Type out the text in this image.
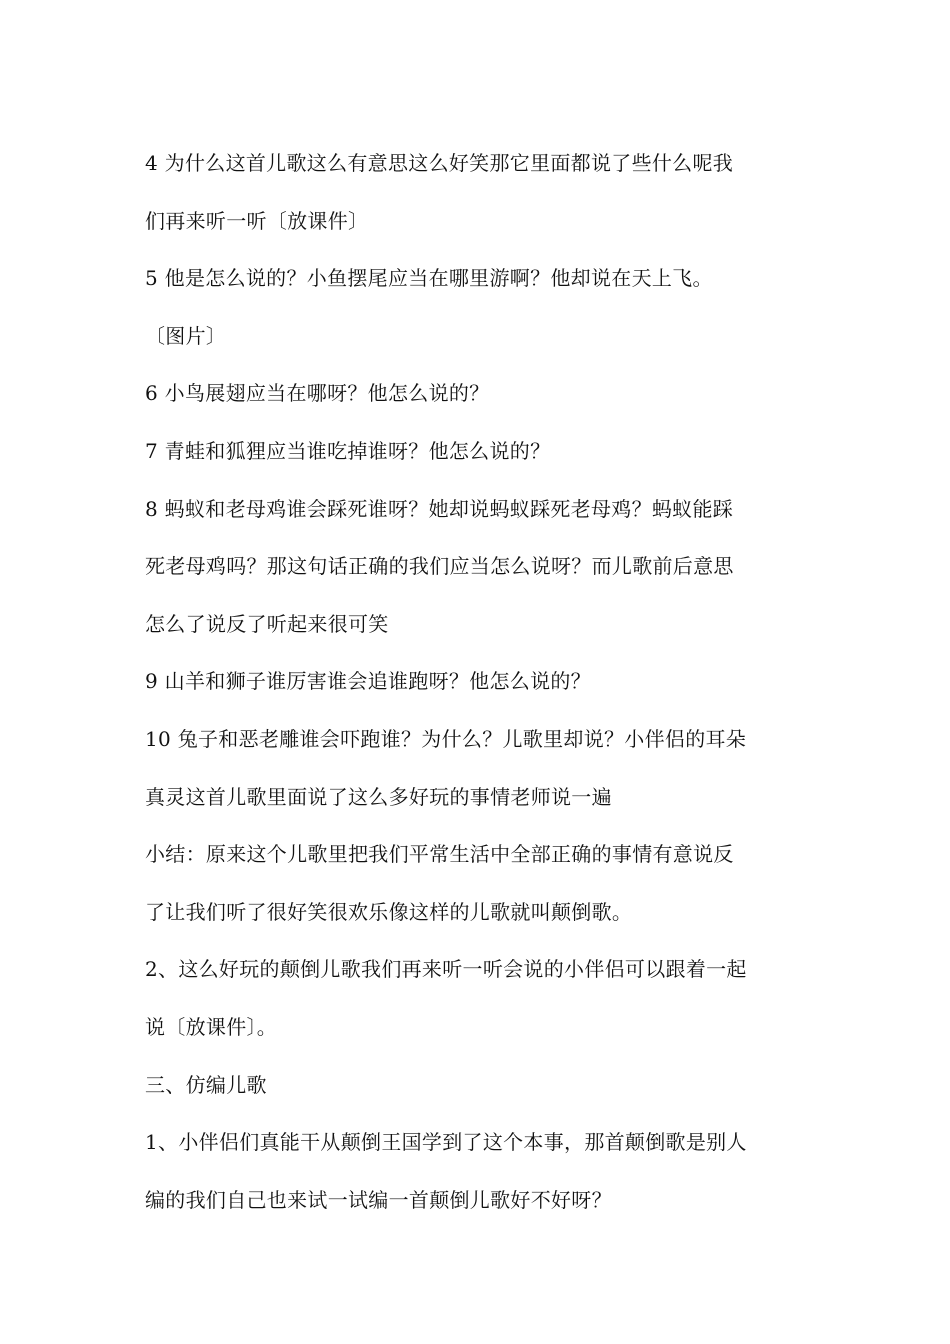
4 为什么这首儿歌这么有意思这么好笑那它里面都说了些什么呢我
们再来听一听〔放课件〕
5 他是怎么说的？小鱼摆尾应当在哪里游啊？他却说在天上飞。
〔图片〕
6 小鸟展翅应当在哪呀？他怎么说的？
7 青蛙和狐狸应当谁吃掉谁呀？他怎么说的？
8 蚂蚁和老母鸡谁会踩死谁呀？她却说蚂蚁踩死老母鸡？蚂蚁能踩
死老母鸡吗？那这句话正确的我们应当怎么说呀？而儿歌前后意思
怎么了说反了听起来很可笑
9 山羊和狮子谁厉害谁会追谁跑呀？他怎么说的？
10 兔子和恶老雕谁会吓跑谁？为什么？儿歌里却说？小伴侣的耳朵
真灵这首儿歌里面说了这么多好玩的事情老师说一遍
小结：原来这个儿歌里把我们平常生活中全部正确的事情有意说反
了让我们听了很好笑很欢乐像这样的儿歌就叫颠倒歌。
2、这么好玩的颠倒儿歌我们再来听一听会说的小伴侣可以跟着一起
说〔放课件〕。
三、仿编儿歌
1、小伴侣们真能干从颠倒王国学到了这个本事，那首颠倒歌是别人
编的我们自己也来试一试编一首颠倒儿歌好不好呀？
